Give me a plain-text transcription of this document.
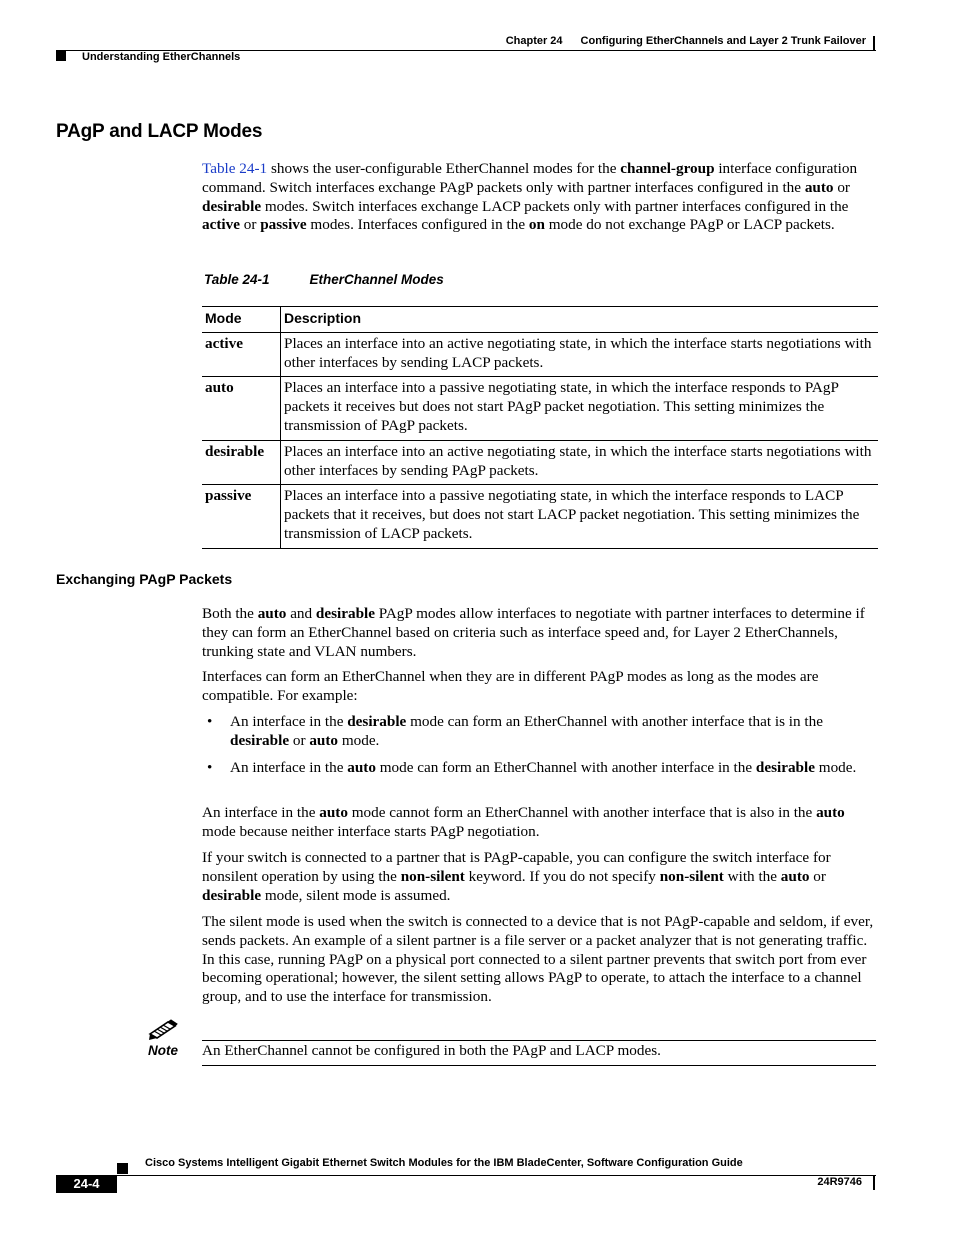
Chapter 24 Configuring EtherChannels and Layer 2 Trunk Failover
Understanding EtherChannels
PAgP and LACP Modes

Table 24-1 shows the user-configurable EtherChannel modes for the channel-group interface configuration command. Switch interfaces exchange PAgP packets only with partner interfaces configured in the auto or desirable modes. Switch interfaces exchange LACP packets only with partner interfaces configured in the active or passive modes. Interfaces configured in the on mode do not exchange PAgP or LACP packets.

Table 24-1	EtherChannel Modes
Mode	Description
active	Places an interface into an active negotiating state, in which the interface starts negotiations with other interfaces by sending LACP packets.
auto	Places an interface into a passive negotiating state, in which the interface responds to PAgP packets it receives but does not start PAgP packet negotiation. This setting minimizes the transmission of PAgP packets.
desirable	Places an interface into an active negotiating state, in which the interface starts negotiations with other interfaces by sending PAgP packets.
passive	Places an interface into a passive negotiating state, in which the interface responds to LACP packets that it receives, but does not start LACP packet negotiation. This setting minimizes the transmission of LACP packets.
Exchanging PAgP Packets

Both the auto and desirable PAgP modes allow interfaces to negotiate with partner interfaces to determine if they can form an EtherChannel based on criteria such as interface speed and, for Layer 2 EtherChannels, trunking state and VLAN numbers.

Interfaces can form an EtherChannel when they are in different PAgP modes as long as the modes are compatible. For example:

• An interface in the desirable mode can form an EtherChannel with another interface that is in the desirable or auto mode.
• An interface in the auto mode can form an EtherChannel with another interface in the desirable mode.

An interface in the auto mode cannot form an EtherChannel with another interface that is also in the auto mode because neither interface starts PAgP negotiation.

If your switch is connected to a partner that is PAgP-capable, you can configure the switch interface for nonsilent operation by using the non-silent keyword. If you do not specify non-silent with the auto or desirable mode, silent mode is assumed.

The silent mode is used when the switch is connected to a device that is not PAgP-capable and seldom, if ever, sends packets. An example of a silent partner is a file server or a packet analyzer that is not generating traffic. In this case, running PAgP on a physical port connected to a silent partner prevents that switch port from ever becoming operational; however, the silent setting allows PAgP to operate, to attach the interface to a channel group, and to use the interface for transmission.

Note An EtherChannel cannot be configured in both the PAgP and LACP modes.
Cisco Systems Intelligent Gigabit Ethernet Switch Modules for the IBM BladeCenter, Software Configuration Guide
24-4	24R9746
